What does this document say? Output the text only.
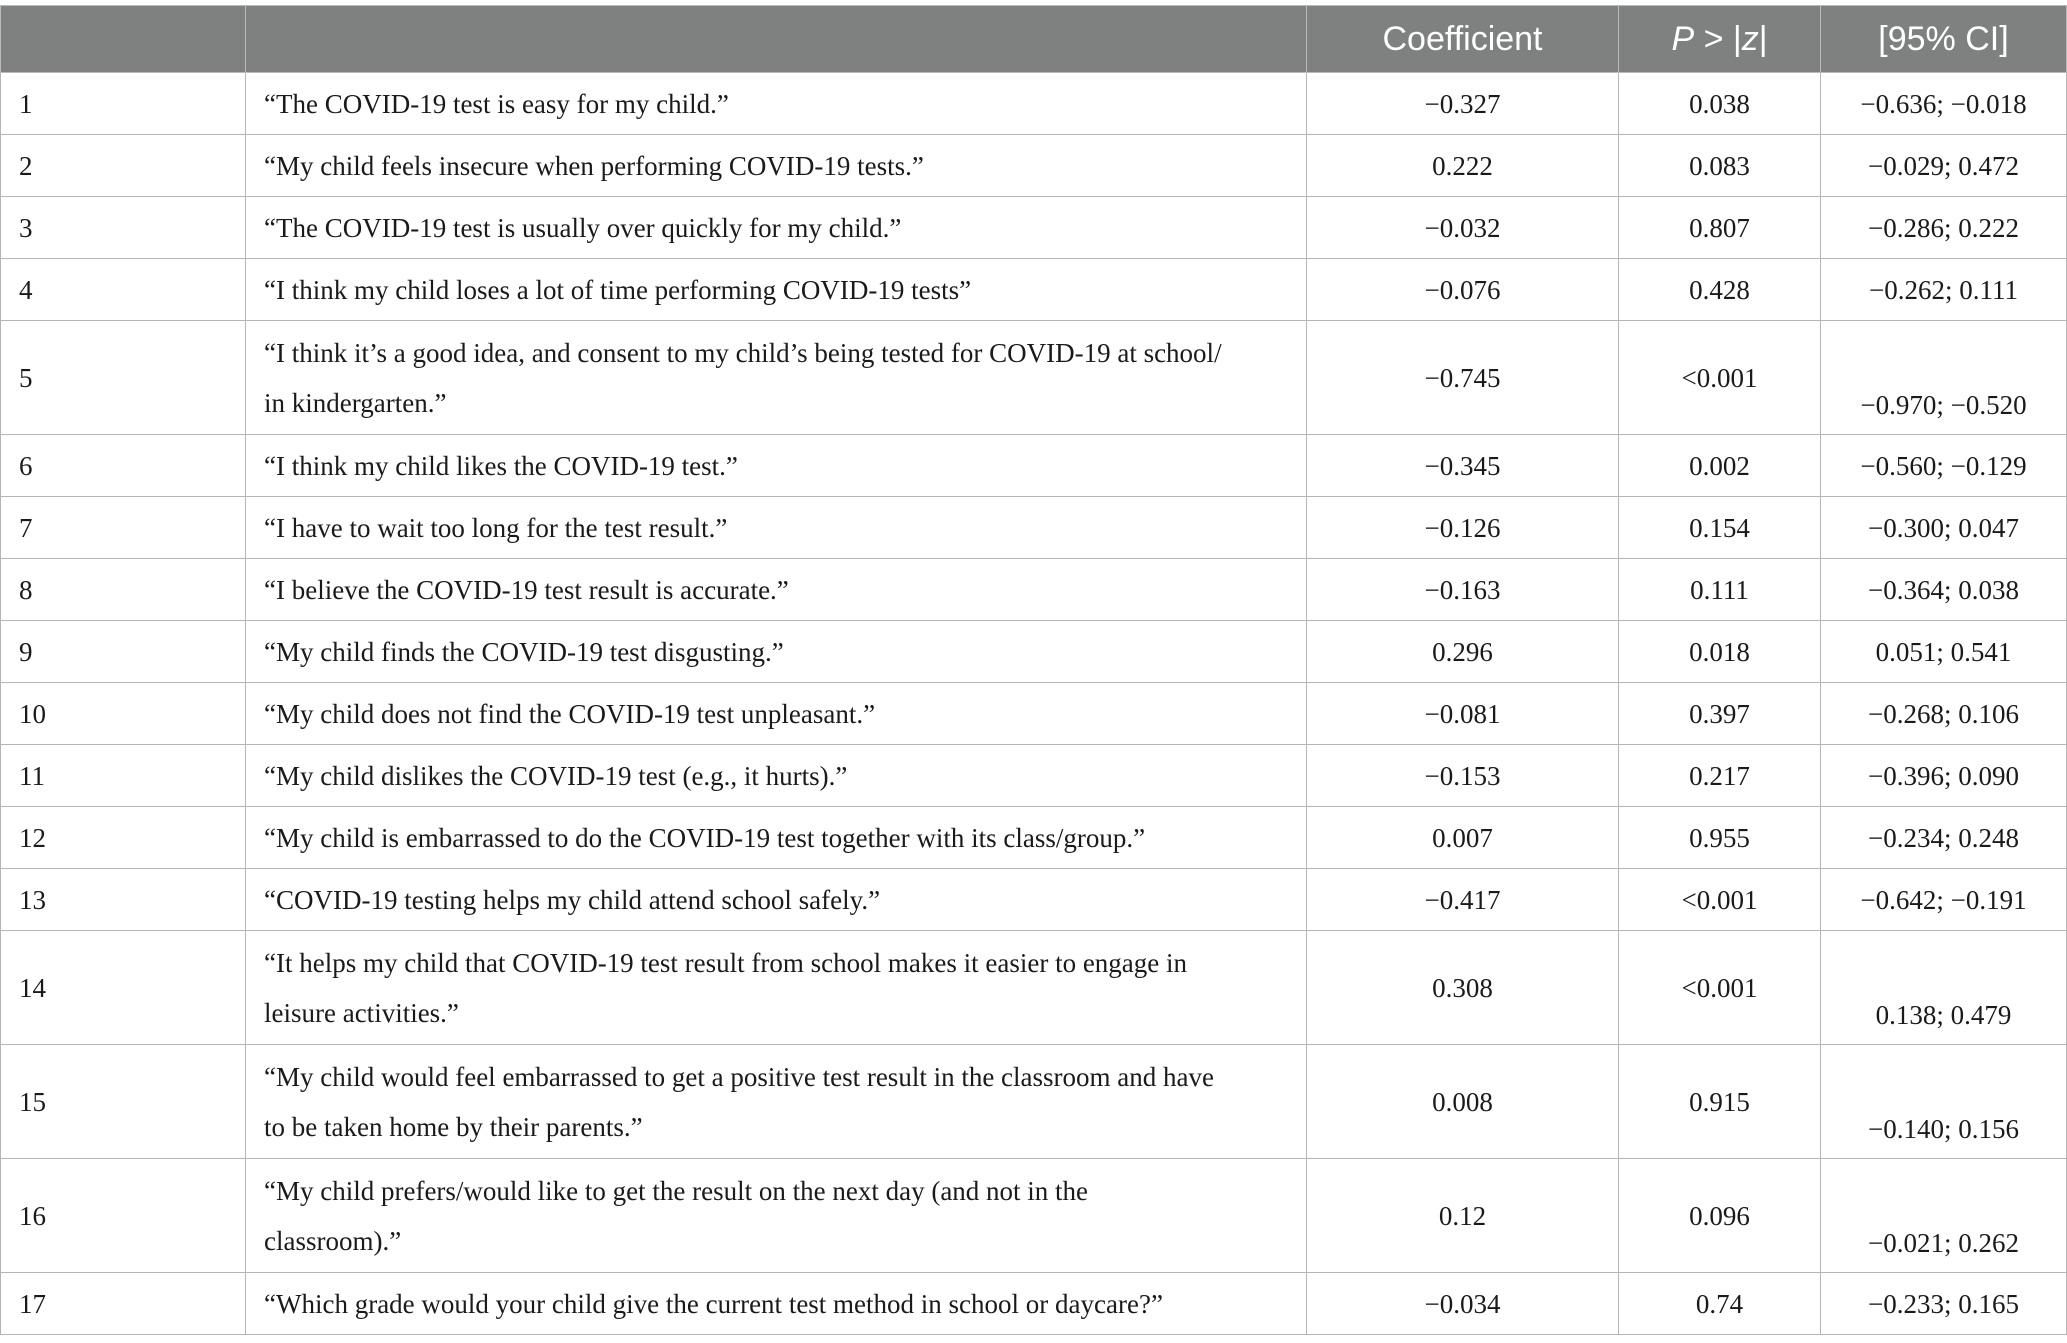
		Coefficient	P > |z|	[95% CI]
1	“The COVID-19 test is easy for my child.”	−0.327	0.038	−0.636; −0.018
2	“My child feels insecure when performing COVID-19 tests.”	0.222	0.083	−0.029; 0.472
3	“The COVID-19 test is usually over quickly for my child.”	−0.032	0.807	−0.286; 0.222
4	“I think my child loses a lot of time performing COVID-19 tests”	−0.076	0.428	−0.262; 0.111
5	“I think it’s a good idea, and consent to my child’s being tested for COVID-19 at school/
in kindergarten.”	−0.745	<0.001	−0.970; −0.520
6	“I think my child likes the COVID-19 test.”	−0.345	0.002	−0.560; −0.129
7	“I have to wait too long for the test result.”	−0.126	0.154	−0.300; 0.047
8	“I believe the COVID-19 test result is accurate.”	−0.163	0.111	−0.364; 0.038
9	“My child finds the COVID-19 test disgusting.”	0.296	0.018	0.051; 0.541
10	“My child does not find the COVID-19 test unpleasant.”	−0.081	0.397	−0.268; 0.106
11	“My child dislikes the COVID-19 test (e.g., it hurts).”	−0.153	0.217	−0.396; 0.090
12	“My child is embarrassed to do the COVID-19 test together with its class/group.”	0.007	0.955	−0.234; 0.248
13	“COVID-19 testing helps my child attend school safely.”	−0.417	<0.001	−0.642; −0.191
14	“It helps my child that COVID-19 test result from school makes it easier to engage in
leisure activities.”	0.308	<0.001	0.138; 0.479
15	“My child would feel embarrassed to get a positive test result in the classroom and have
to be taken home by their parents.”	0.008	0.915	−0.140; 0.156
16	“My child prefers/would like to get the result on the next day (and not in the
classroom).”	0.12	0.096	−0.021; 0.262
17	“Which grade would your child give the current test method in school or daycare?”	−0.034	0.74	−0.233; 0.165
